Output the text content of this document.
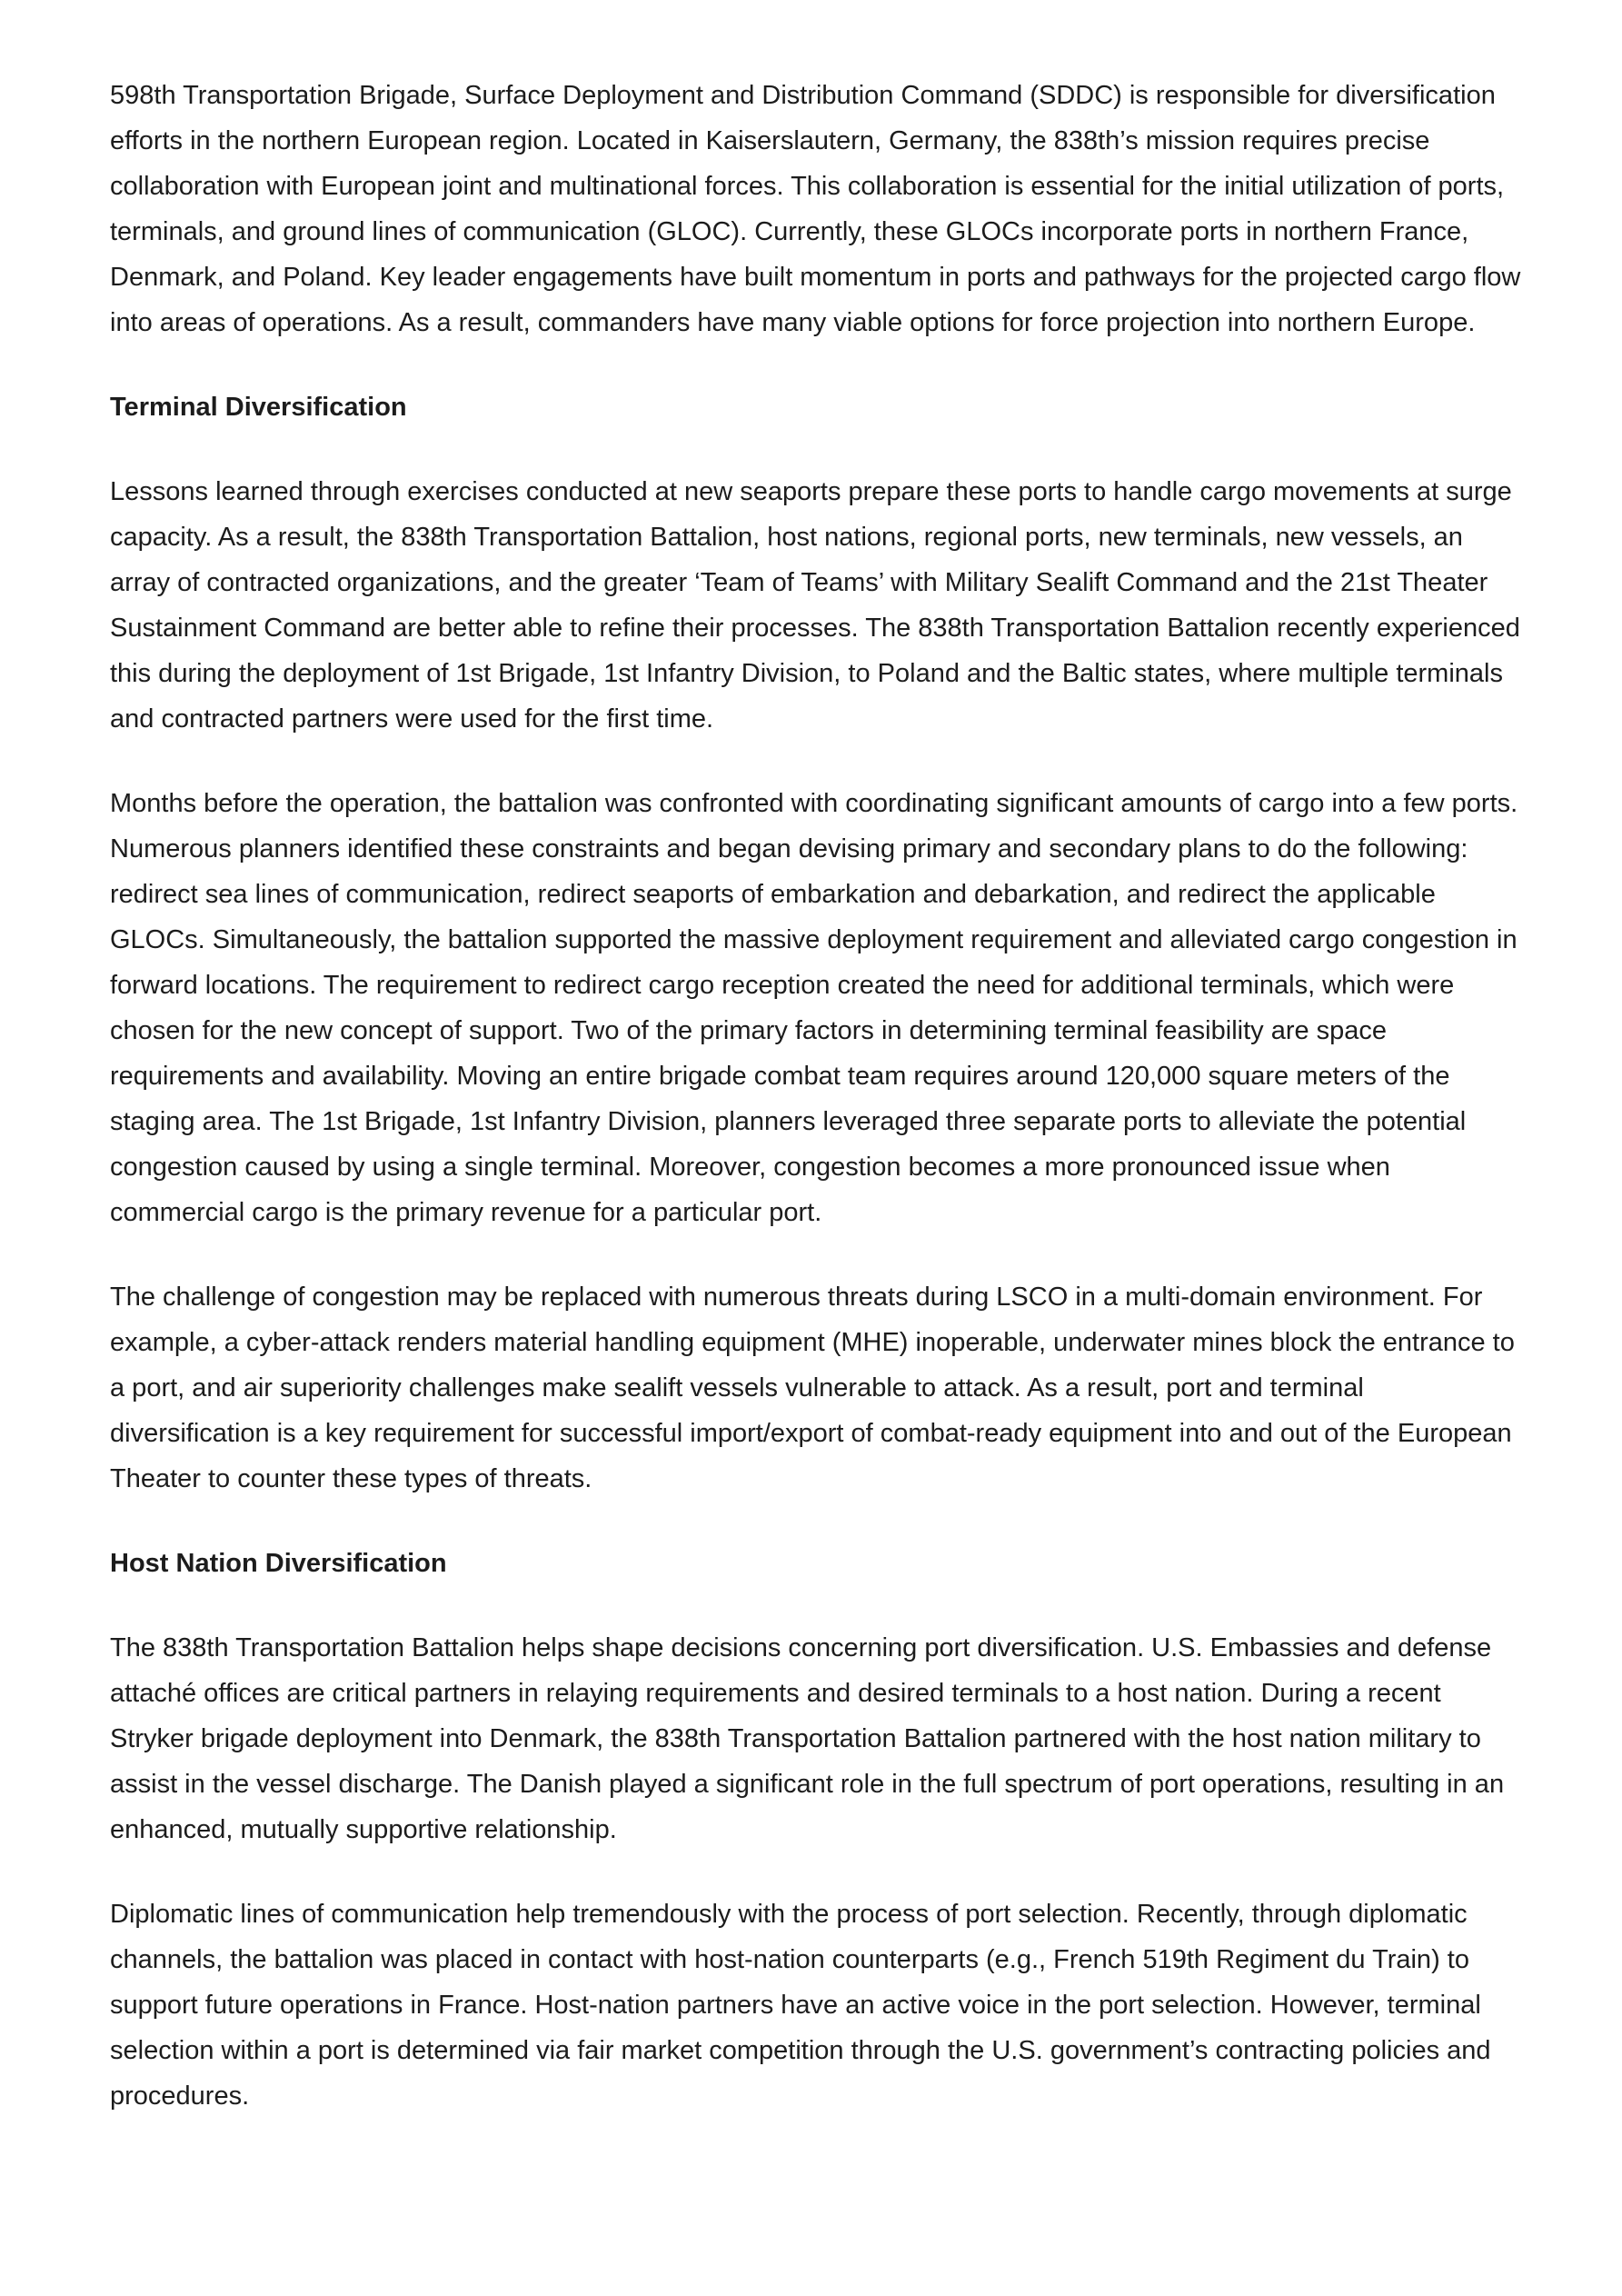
598th Transportation Brigade, Surface Deployment and Distribution Command (SDDC) is responsible for diversification efforts in the northern European region. Located in Kaiserslautern, Germany, the 838th’s mission requires precise collaboration with European joint and multinational forces. This collaboration is essential for the initial utilization of ports, terminals, and ground lines of communication (GLOC). Currently, these GLOCs incorporate ports in northern France, Denmark, and Poland. Key leader engagements have built momentum in ports and pathways for the projected cargo flow into areas of operations. As a result, commanders have many viable options for force projection into northern Europe.

Terminal Diversification

Lessons learned through exercises conducted at new seaports prepare these ports to handle cargo movements at surge capacity. As a result, the 838th Transportation Battalion, host nations, regional ports, new terminals, new vessels, an array of contracted organizations, and the greater ‘Team of Teams’ with Military Sealift Command and the 21st Theater Sustainment Command are better able to refine their processes. The 838th Transportation Battalion recently experienced this during the deployment of 1st Brigade, 1st Infantry Division, to Poland and the Baltic states, where multiple terminals and contracted partners were used for the first time.

Months before the operation, the battalion was confronted with coordinating significant amounts of cargo into a few ports. Numerous planners identified these constraints and began devising primary and secondary plans to do the following: redirect sea lines of communication, redirect seaports of embarkation and debarkation, and redirect the applicable GLOCs. Simultaneously, the battalion supported the massive deployment requirement and alleviated cargo congestion in forward locations. The requirement to redirect cargo reception created the need for additional terminals, which were chosen for the new concept of support. Two of the primary factors in determining terminal feasibility are space requirements and availability. Moving an entire brigade combat team requires around 120,000 square meters of the staging area. The 1st Brigade, 1st Infantry Division, planners leveraged three separate ports to alleviate the potential congestion caused by using a single terminal. Moreover, congestion becomes a more pronounced issue when commercial cargo is the primary revenue for a particular port.

The challenge of congestion may be replaced with numerous threats during LSCO in a multi-domain environment. For example, a cyber-attack renders material handling equipment (MHE) inoperable, underwater mines block the entrance to a port, and air superiority challenges make sealift vessels vulnerable to attack. As a result, port and terminal diversification is a key requirement for successful import/export of combat-ready equipment into and out of the European Theater to counter these types of threats.

Host Nation Diversification

The 838th Transportation Battalion helps shape decisions concerning port diversification. U.S. Embassies and defense attaché offices are critical partners in relaying requirements and desired terminals to a host nation. During a recent Stryker brigade deployment into Denmark, the 838th Transportation Battalion partnered with the host nation military to assist in the vessel discharge. The Danish played a significant role in the full spectrum of port operations, resulting in an enhanced, mutually supportive relationship.

Diplomatic lines of communication help tremendously with the process of port selection. Recently, through diplomatic channels, the battalion was placed in contact with host-nation counterparts (e.g., French 519th Regiment du Train) to support future operations in France. Host-nation partners have an active voice in the port selection. However, terminal selection within a port is determined via fair market competition through the U.S. government’s contracting policies and procedures.
